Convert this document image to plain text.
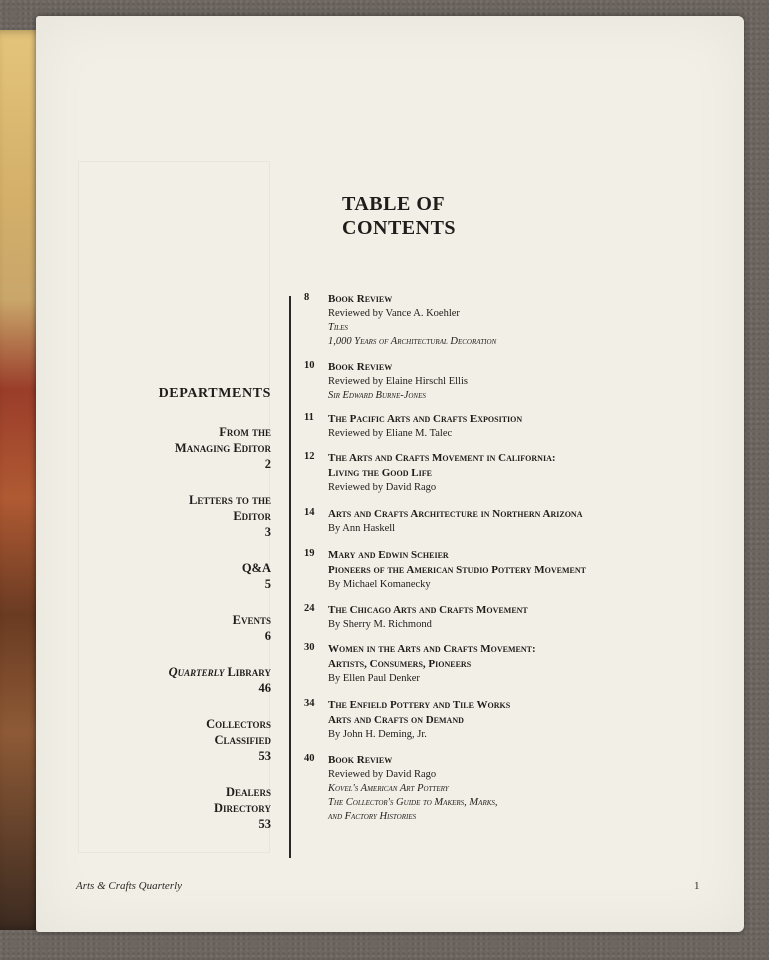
TABLE OF CONTENTS
DEPARTMENTS
From the
Managing Editor
2
Letters to the
Editor
3
Q&A
5
Events
6
Quarterly Library
46
Collectors
Classified
53
Dealers
Directory
53
8	Book Review
Reviewed by Vance A. Koehler
Tiles
1,000 Years of Architectural Decoration
10	Book Review
Reviewed by Elaine Hirschl Ellis
Sir Edward Burne-Jones
11	The Pacific Arts and Crafts Exposition
Reviewed by Eliane M. Talec
12	The Arts and Crafts Movement in California:
Living the Good Life
Reviewed by David Rago
14	Arts and Crafts Architecture in Northern Arizona
By Ann Haskell
19	Mary and Edwin Scheier
Pioneers of the American Studio Pottery Movement
By Michael Komanecky
24	The Chicago Arts and Crafts Movement
By Sherry M. Richmond
30	Women in the Arts and Crafts Movement:
Artists, Consumers, Pioneers
By Ellen Paul Denker
34	The Enfield Pottery and Tile Works
Arts and Crafts on Demand
By John H. Deming, Jr.
40	Book Review
Reviewed by David Rago
Kovel's American Art Pottery
The Collector's Guide to Makers, Marks,
and Factory Histories
Arts & Crafts Quarterly	1
